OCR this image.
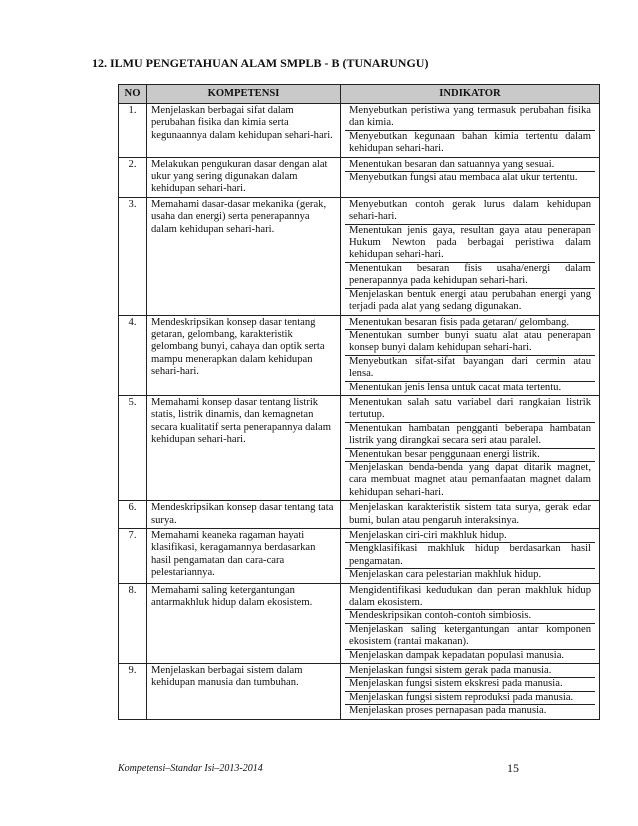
12. ILMU PENGETAHUAN ALAM SMPLB - B (TUNARUNGU)
NO	KOMPETENSI	INDIKATOR
1.	Menjelaskan berbagai sifat dalam perubahan fisika dan kimia serta kegunaannya dalam kehidupan sehari-hari.	Menyebutkan peristiwa yang termasuk perubahan fisika dan kimia.
Menyebutkan kegunaan bahan kimia tertentu dalam kehidupan sehari-hari.

2.	Melakukan pengukuran dasar dengan alat ukur yang sering digunakan dalam kehidupan sehari-hari.	Menentukan besaran dan satuannya yang sesuai.
Menyebutkan fungsi atau membaca alat ukur tertentu.

3.	Memahami dasar-dasar mekanika (gerak, usaha dan energi) serta penerapannya dalam kehidupan sehari-hari.	Menyebutkan contoh gerak lurus dalam kehidupan sehari-hari.
Menentukan jenis gaya, resultan gaya atau penerapan Hukum Newton pada berbagai peristiwa dalam kehidupan sehari-hari.
Menentukan besaran fisis usaha/energi dalam penerapannya pada kehidupan sehari-hari.
Menjelaskan bentuk energi atau perubahan energi yang terjadi pada alat yang sedang digunakan.

4.	Mendeskripsikan konsep dasar tentang getaran, gelombang, karakteristik gelombang bunyi, cahaya dan optik serta mampu menerapkan dalam kehidupan sehari-hari.	Menentukan besaran fisis pada getaran/ gelombang.
Menentukan sumber bunyi suatu alat atau penerapan konsep bunyi dalam kehidupan sehari-hari.
Menyebutkan sifat-sifat bayangan dari cermin atau lensa.
Menentukan jenis lensa untuk cacat mata tertentu.

5.	Memahami konsep dasar tentang listrik statis, listrik dinamis, dan kemagnetan secara kualitatif serta penerapannya dalam kehidupan sehari-hari.	Menentukan salah satu variabel dari rangkaian listrik tertutup.
Menentukan hambatan pengganti beberapa hambatan listrik yang dirangkai secara seri atau paralel.
Menentukan besar penggunaan energi listrik.
Menjelaskan benda-benda yang dapat ditarik magnet, cara membuat magnet atau pemanfaatan magnet dalam kehidupan sehari-hari.

6.	Mendeskripsikan konsep dasar tentang tata surya.	Menjelaskan karakteristik sistem tata surya, gerak edar bumi, bulan atau pengaruh interaksinya.

7.	Memahami keaneka ragaman hayati klasifikasi, keragamannya berdasarkan hasil pengamatan dan cara-cara pelestariannya.	Menjelaskan ciri-ciri makhluk hidup.
Mengklasifikasi makhluk hidup berdasarkan hasil pengamatan.
Menjelaskan cara pelestarian makhluk hidup.

8.	Memahami saling ketergantungan antarmakhluk hidup dalam ekosistem.	Mengidentifikasi kedudukan dan peran makhluk hidup dalam ekosistem.
Mendeskripsikan contoh-contoh simbiosis.
Menjelaskan saling ketergantungan antar komponen ekosistem (rantai makanan).
Menjelaskan dampak kepadatan populasi manusia.

9.	Menjelaskan berbagai sistem dalam kehidupan manusia dan tumbuhan.	Menjelaskan fungsi sistem gerak pada manusia.
Menjelaskan fungsi sistem ekskresi pada manusia.
Menjelaskan fungsi sistem reproduksi pada manusia.
Menjelaskan proses pernapasan pada manusia.
Kompetensi–Standar Isi–2013-2014	15
